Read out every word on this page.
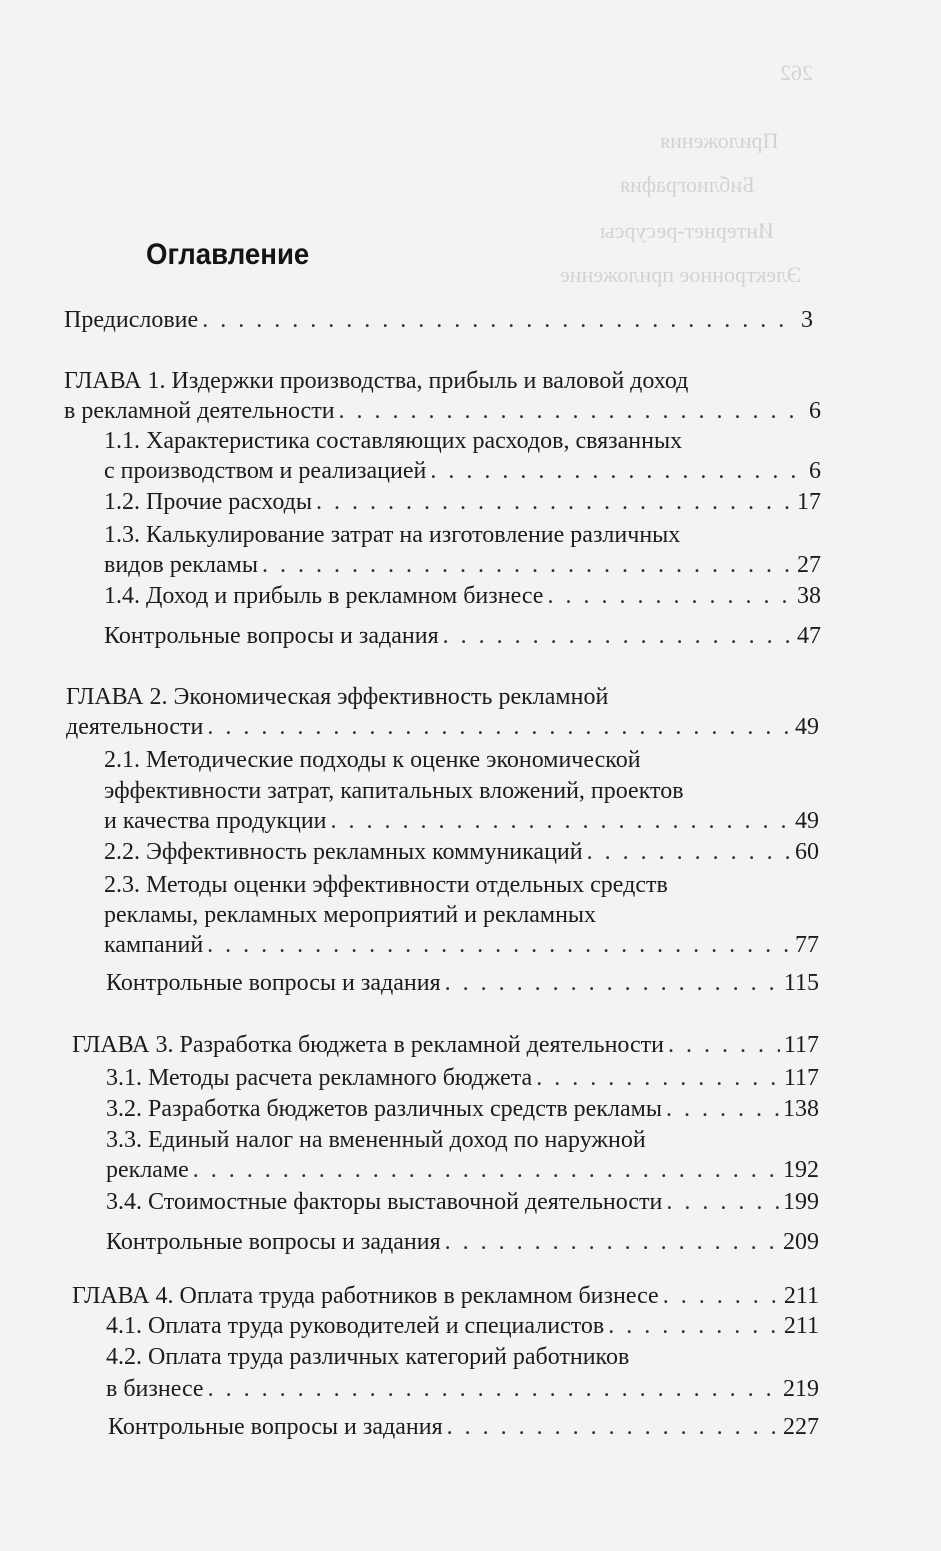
262
Приложения
Библиография
Интернет-ресурсы
Электронное приложение
Оглавление
Предисловие . . .	3
ГЛАВА 1. Издержки производства, прибыль и валовой доход
в рекламной деятельности . . .	6
1.1. Характеристика составляющих расходов, связанных
с производством и реализацией . . .	6
1.2. Прочие расходы . . .	17
1.3. Калькулирование затрат на изготовление различных
видов рекламы . . .	27
1.4. Доход и прибыль в рекламном бизнесе . . .	38
Контрольные вопросы и задания . . .	47
ГЛАВА 2. Экономическая эффективность рекламной
деятельности . . .	49
2.1. Методические подходы к оценке экономической
эффективности затрат, капитальных вложений, проектов
и качества продукции . . .	49
2.2. Эффективность рекламных коммуникаций . . .	60
2.3. Методы оценки эффективности отдельных средств
рекламы, рекламных мероприятий и рекламных
кампаний . . .	77
Контрольные вопросы и задания . . .	115
ГЛАВА 3. Разработка бюджета в рекламной деятельности . . .	117
3.1. Методы расчета рекламного бюджета . . .	117
3.2. Разработка бюджетов различных средств рекламы . . .	138
3.3. Единый налог на вмененный доход по наружной
рекламе . . .	192
3.4. Стоимостные факторы выставочной деятельности . . .	199
Контрольные вопросы и задания . . .	209
ГЛАВА 4. Оплата труда работников в рекламном бизнесе . . .	211
4.1. Оплата труда руководителей и специалистов . . .	211
4.2. Оплата труда различных категорий работников
в бизнесе . . .	219
Контрольные вопросы и задания . . .	227
